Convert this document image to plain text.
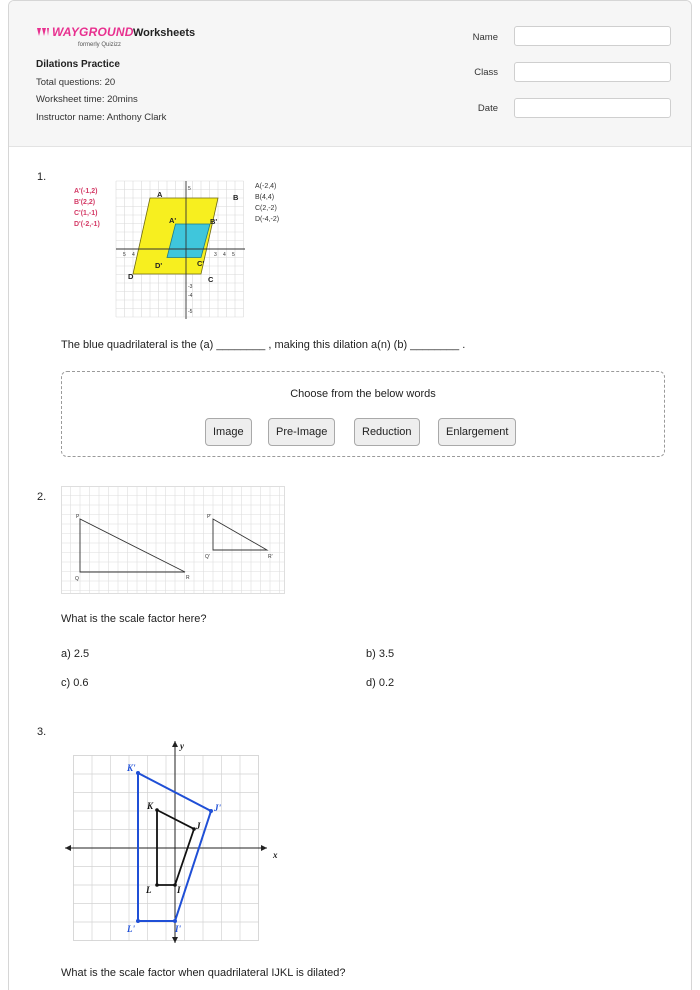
WAYGROUND
formerly Quizizz
Worksheets
Dilations Practice
Total questions: 20
Worksheet time: 20mins
Instructor name: Anthony Clark
Name
Class
Date
1.
5
-3
-4
-5
5 4	3 4 5
A	B
C
D
A'	B'
C'
D'
A'(-1,2)
B'(2,2)
C'(1,-1)
D'(-2,-1)
A(-2,4)
B(4,4)
C(2,-2)
D(-4,-2)
The blue quadrilateral is the (a) ________ , making this dilation a(n) (b) ________ .
Choose from the below words
Image	Pre-Image	Reduction	Enlargement
2.
P
Q	R
P'
Q'	R'
What is the scale factor here?
a) 2.5	b) 3.5
c) 0.6	d) 0.2
3.
y
x
K'
J'
L'	I'
K
J
L	I
What is the scale factor when quadrilateral IJKL is dilated?
